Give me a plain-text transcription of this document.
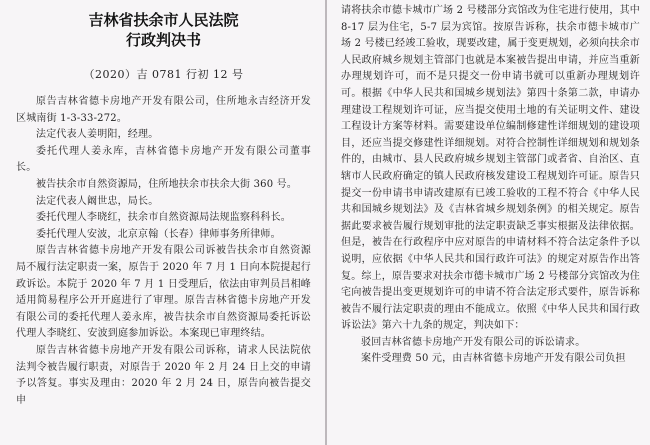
吉林省扶余市人民法院
行政判决书
（2020）吉 0781 行初 12 号

原告吉林省德卡房地产开发有限公司，住所地永吉经济开发区城南街 1-3-33-272。

法定代表人姜明阳，经理。

委托代理人姜永库，吉林省德卡房地产开发有限公司董事长。

被告扶余市自然资源局，住所地扶余市扶余大街 360 号。

法定代表人阚世忠，局长。

委托代理人李晓红，扶余市自然资源局法规监察科科长。

委托代理人安波，北京京翰（长春）律师事务所律师。

原告吉林省德卡房地产开发有限公司诉被告扶余市自然资源局不履行法定职责一案，原告于 2020 年 7 月 1 日向本院提起行政诉讼。本院于 2020 年 7 月 1 日受理后，依法由审判员吕相峰适用简易程序公开开庭进行了审理。原告吉林省德卡房地产开发有限公司的委托代理人姜永库，被告扶余市自然资源局委托诉讼代理人李晓红、安波到庭参加诉讼。本案现已审理终结。

原告吉林省德卡房地产开发有限公司诉称，请求人民法院依法判令被告履行职责，对原告于 2020 年 2 月 24 日上交的申请予以答复。事实及理由：2020 年 2 月 24 日，原告向被告提交申

请将扶余市德卡城市广场 2 号楼部分宾馆改为住宅进行使用，其中 8-17 层为住宅，5-7 层为宾馆。按原告诉称，扶余市德卡城市广场 2 号楼已经竣工验收，现要改建，属于变更规划，必须向扶余市人民政府城乡规划主管部门也就是本案被告提出申请，并应当重新办理规划许可，而不是只提交一份申请书就可以重新办理规划许可。根据《中华人民共和国城乡规划法》第四十条第二款，申请办理建设工程规划许可证，应当提交使用土地的有关证明文件、建设工程设计方案等材料。需要建设单位编制修建性详细规划的建设项目，还应当提交修建性详细规划。对符合控制性详细规划和规划条件的，由城市、县人民政府城乡规划主管部门或者省、自治区、直辖市人民政府确定的镇人民政府核发建设工程规划许可证。原告只提交一份申请书申请改建原有已竣工验收的工程不符合《中华人民共和国城乡规划法》及《吉林省城乡规划条例》的相关规定。原告据此要求被告履行规划审批的法定职责缺乏事实根据及法律依据。但是，被告在行政程序中应对原告的申请材料不符合法定条件予以说明，应依据《中华人民共和国行政许可法》的规定对原告作出答复。综上，原告要求对扶余市德卡城市广场 2 号楼部分宾馆改为住宅向被告提出变更规划许可的申请不符合法定形式要件，原告诉称被告不履行法定职责的理由不能成立。依照《中华人民共和国行政诉讼法》第六十九条的规定，判决如下：

驳回吉林省德卡房地产开发有限公司的诉讼请求。

案件受理费 50 元，由吉林省德卡房地产开发有限公司负担
